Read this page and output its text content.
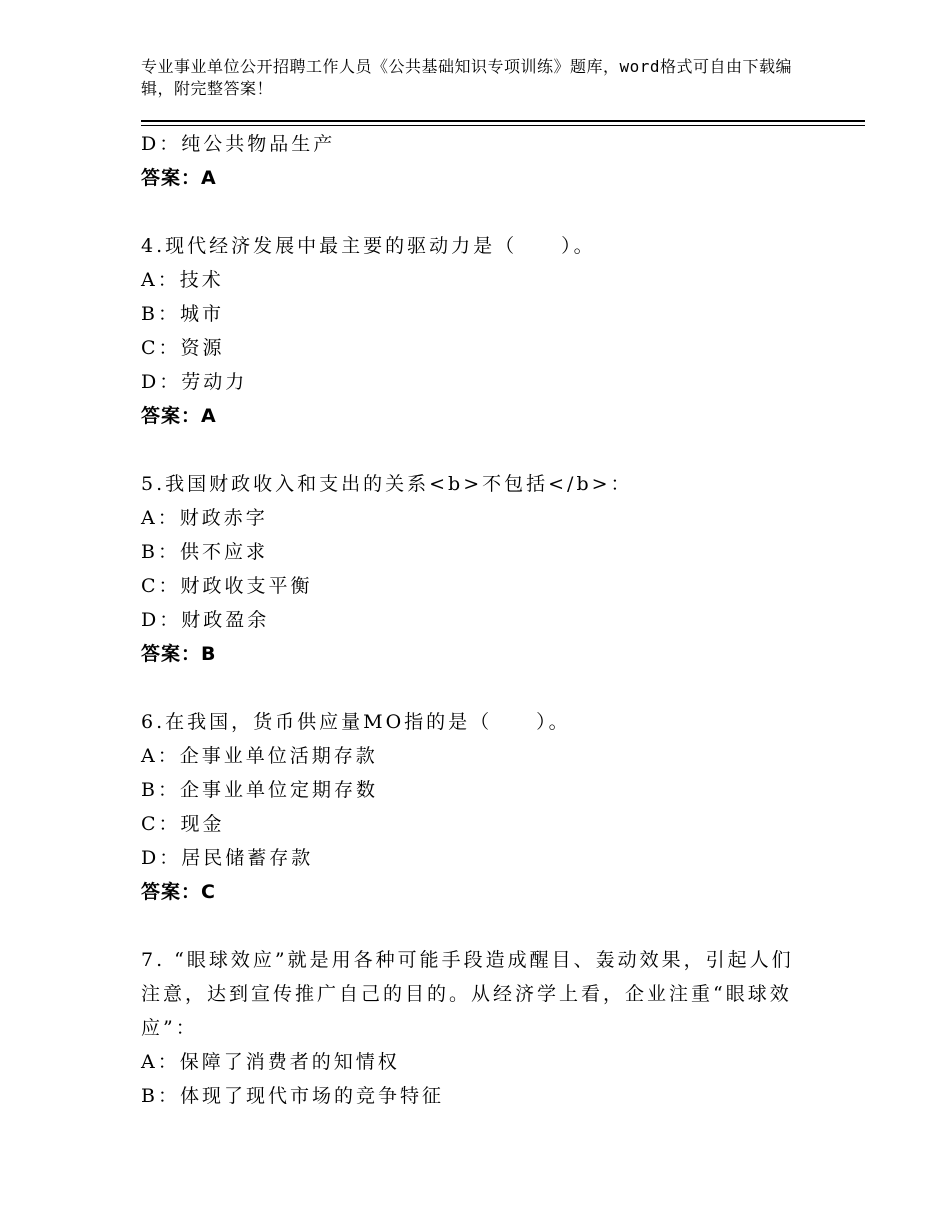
专业事业单位公开招聘工作人员《公共基础知识专项训练》题库，word格式可自由下载编辑，附完整答案！
D：纯公共物品生产
答案：A
4.现代经济发展中最主要的驱动力是（　　）。
A：技术
B：城市
C：资源
D：劳动力
答案：A
5.我国财政收入和支出的关系<b>不包括</b>：
A：财政赤字
B：供不应求
C：财政收支平衡
D：财政盈余
答案：B
6.在我国，货币供应量MO指的是（　　）。
A：企事业单位活期存款
B：企事业单位定期存数
C：现金
D：居民储蓄存款
答案：C
7. “眼球效应”就是用各种可能手段造成醒目、轰动效果，引起人们注意，达到宣传推广自己的目的。从经济学上看，企业注重“眼球效应”：
A：保障了消费者的知情权
B：体现了现代市场的竞争特征
